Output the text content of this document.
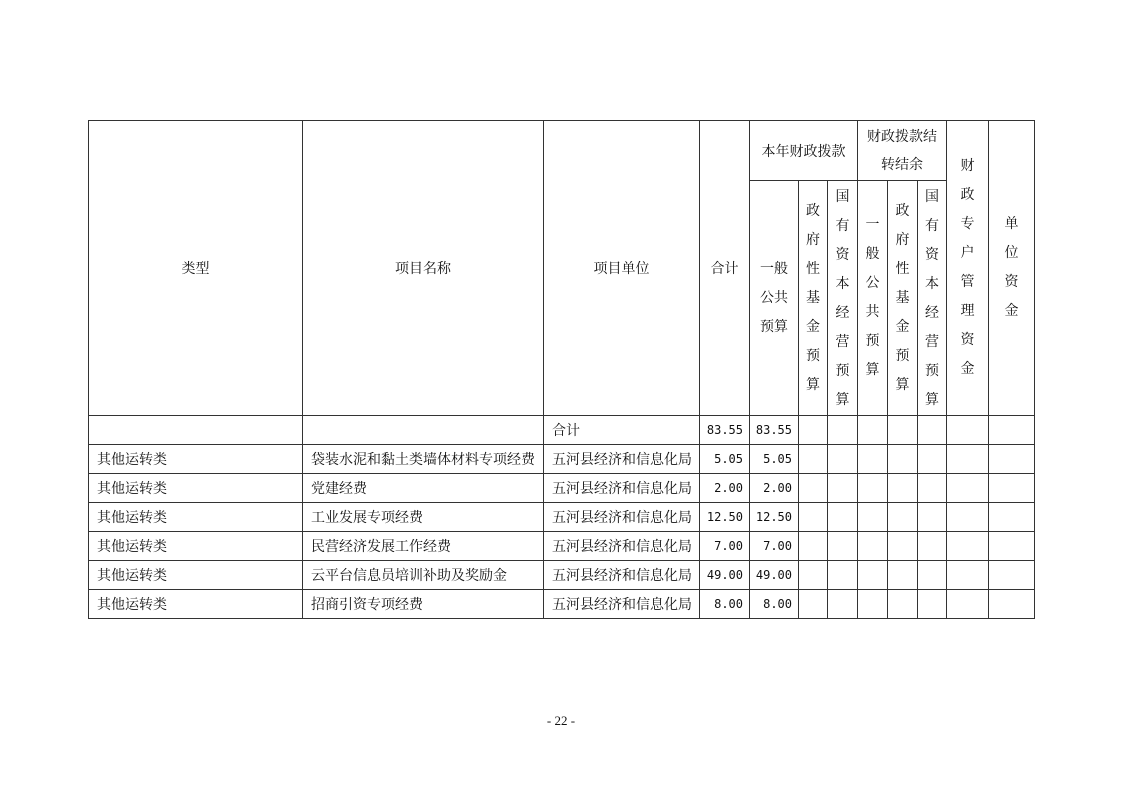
类型	项目名称	项目单位	合计	本年财政拨款			财政拨款结转结余			财政专户管理资金	单位资金
				一般公共预算	政府性基金预算	国有资本经营预算	一般公共预算	政府性基金预算	国有资本经营预算		
		合计	83.55	83.55							
其他运转类	袋装水泥和黏土类墙体材料专项经费	五河县经济和信息化局	5.05	5.05							
其他运转类	党建经费	五河县经济和信息化局	2.00	2.00							
其他运转类	工业发展专项经费	五河县经济和信息化局	12.50	12.50							
其他运转类	民营经济发展工作经费	五河县经济和信息化局	7.00	7.00							
其他运转类	云平台信息员培训补助及奖励金	五河县经济和信息化局	49.00	49.00							
其他运转类	招商引资专项经费	五河县经济和信息化局	8.00	8.00							
- 22 -
